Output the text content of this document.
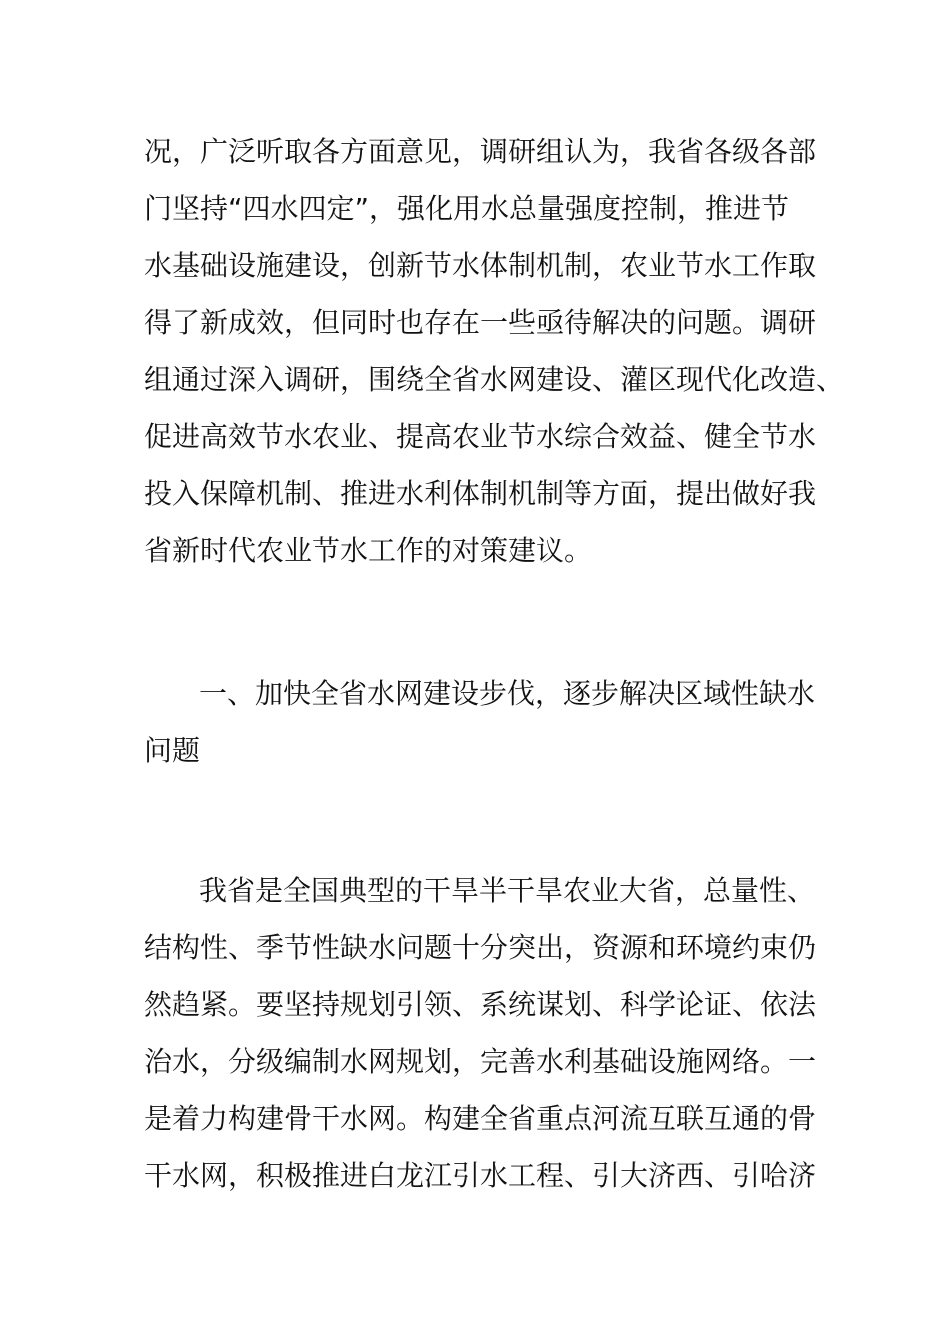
况，广泛听取各方面意见，调研组认为，我省各级各部
门坚持“四水四定”，强化用水总量强度控制，推进节
水基础设施建设，创新节水体制机制，农业节水工作取
得了新成效，但同时也存在一些亟待解决的问题。调研
组通过深入调研，围绕全省水网建设、灌区现代化改造、
促进高效节水农业、提高农业节水综合效益、健全节水
投入保障机制、推进水利体制机制等方面，提出做好我
省新时代农业节水工作的对策建议。
一、加快全省水网建设步伐，逐步解决区域性缺水
问题
我省是全国典型的干旱半干旱农业大省，总量性、
结构性、季节性缺水问题十分突出，资源和环境约束仍
然趋紧。要坚持规划引领、系统谋划、科学论证、依法
治水，分级编制水网规划，完善水利基础设施网络。一
是着力构建骨干水网。构建全省重点河流互联互通的骨
干水网，积极推进白龙江引水工程、引大济西、引哈济
